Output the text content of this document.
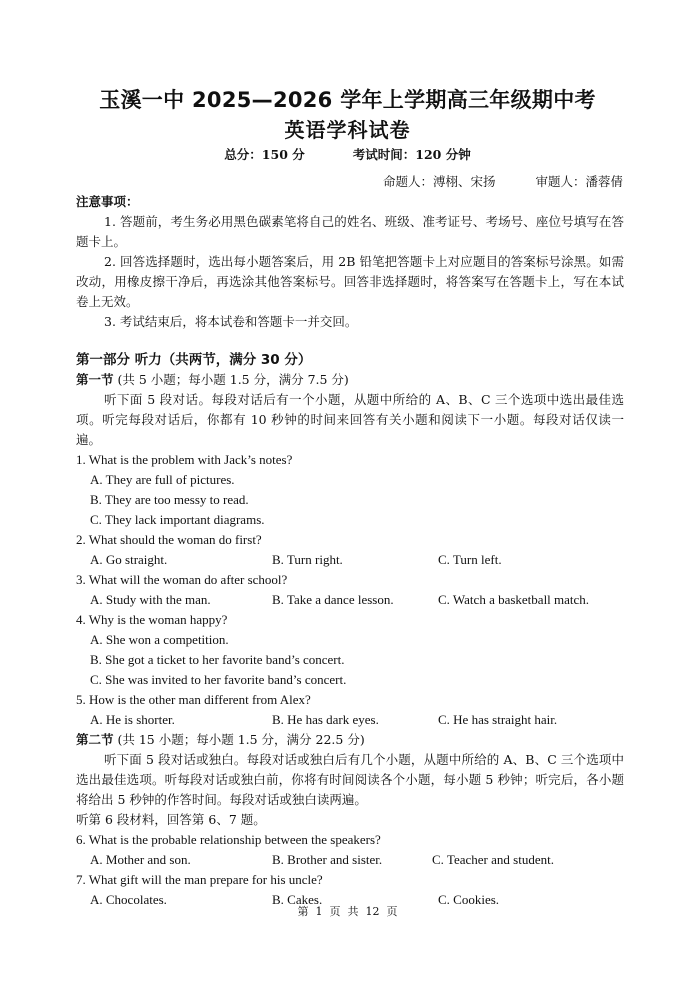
玉溪一中 2025—2026 学年上学期高三年级期中考
英语学科试卷
总分：150 分	考试时间：120 分钟
命题人：溥栩、宋扬	审题人：潘蓉倩
注意事项：
1. 答题前，考生务必用黑色碳素笔将自己的姓名、班级、准考证号、考场号、座位号填写在答题卡上。
2. 回答选择题时，选出每小题答案后，用 2B 铅笔把答题卡上对应题目的答案标号涂黑。如需改动，用橡皮擦干净后，再选涂其他答案标号。回答非选择题时，将答案写在答题卡上，写在本试卷上无效。
3. 考试结束后，将本试卷和答题卡一并交回。
第一部分 听力（共两节，满分 30 分）
第一节 (共 5 小题；每小题 1.5 分，满分 7.5 分)
听下面 5 段对话。每段对话后有一个小题，从题中所给的 A、B、C 三个选项中选出最佳选项。听完每段对话后，你都有 10 秒钟的时间来回答有关小题和阅读下一小题。每段对话仅读一遍。
1. What is the problem with Jack’s notes?
A. They are full of pictures.
B. They are too messy to read.
C. They lack important diagrams.
2. What should the woman do first?
A. Go straight.	B. Turn right.	C. Turn left.
3. What will the woman do after school?
A. Study with the man.	B. Take a dance lesson.	C. Watch a basketball match.
4. Why is the woman happy?
A. She won a competition.
B. She got a ticket to her favorite band’s concert.
C. She was invited to her favorite band’s concert.
5. How is the other man different from Alex?
A. He is shorter.	B. He has dark eyes.	C. He has straight hair.
第二节 (共 15 小题；每小题 1.5 分，满分 22.5 分)
听下面 5 段对话或独白。每段对话或独白后有几个小题，从题中所给的 A、B、C 三个选项中选出最佳选项。听每段对话或独白前，你将有时间阅读各个小题，每小题 5 秒钟；听完后，各小题将给出 5 秒钟的作答时间。每段对话或独白读两遍。
听第 6 段材料，回答第 6、7 题。
6. What is the probable relationship between the speakers?
A. Mother and son.	B. Brother and sister.	C. Teacher and student.
7. What gift will the man prepare for his uncle?
A. Chocolates.	B. Cakes.	C. Cookies.
第  1  页  共  12  页
